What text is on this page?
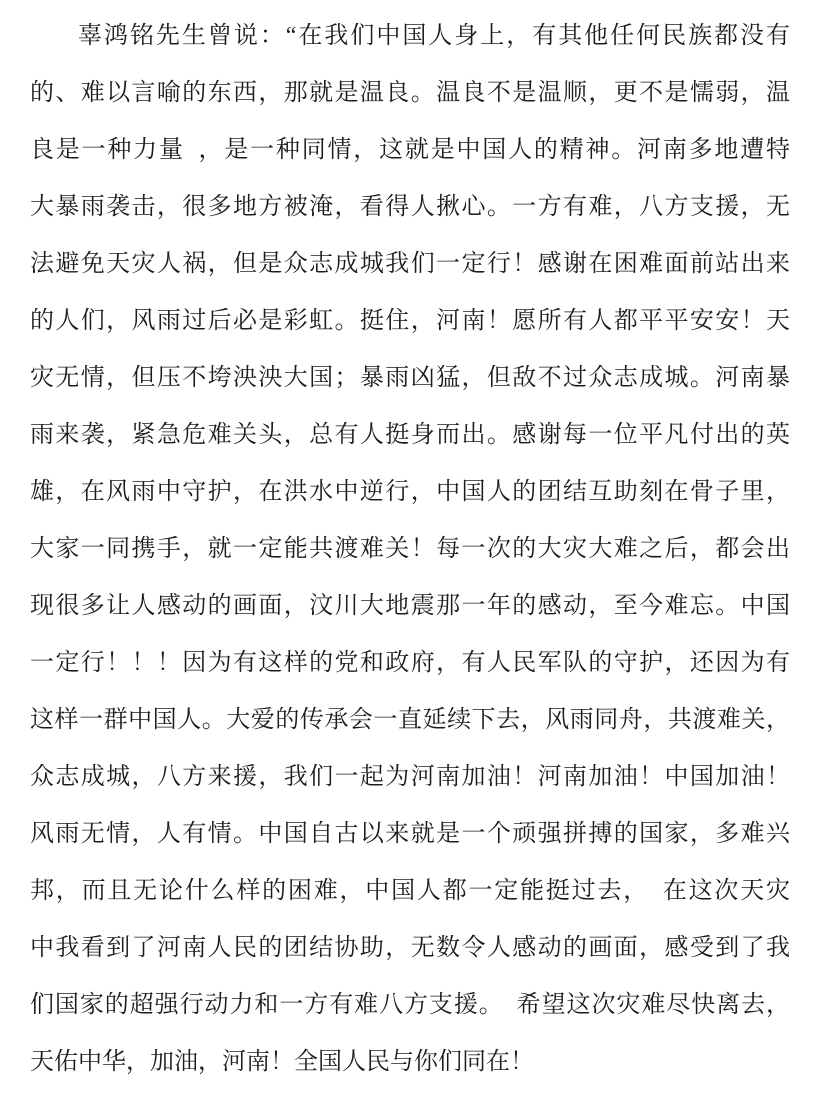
辜鸿铭先生曾说：“在我们中国人身上，有其他任何民族都没有
的、难以言喻的东西，那就是温良。温良不是温顺，更不是懦弱，温
良是一种力量 ，是一种同情，这就是中国人的精神。河南多地遭特
大暴雨袭击，很多地方被淹，看得人揪心。一方有难，八方支援，无
法避免天灾人祸，但是众志成城我们一定行！感谢在困难面前站出来
的人们，风雨过后必是彩虹。挺住，河南！愿所有人都平平安安！天
灾无情，但压不垮泱泱大国；暴雨凶猛，但敌不过众志成城。河南暴
雨来袭，紧急危难关头，总有人挺身而出。感谢每一位平凡付出的英
雄，在风雨中守护，在洪水中逆行，中国人的团结互助刻在骨子里，
大家一同携手，就一定能共渡难关！每一次的大灾大难之后，都会出
现很多让人感动的画面，汶川大地震那一年的感动，至今难忘。中国
一定行！！！因为有这样的党和政府，有人民军队的守护，还因为有
这样一群中国人。大爱的传承会一直延续下去，风雨同舟，共渡难关，
众志成城，八方来援，我们一起为河南加油！河南加油！中国加油！
风雨无情，人有情。中国自古以来就是一个顽强拼搏的国家，多难兴
邦，而且无论什么样的困难，中国人都一定能挺过去，　在这次天灾
中我看到了河南人民的团结协助，无数令人感动的画面，感受到了我
们国家的超强行动力和一方有难八方支援。　希望这次灾难尽快离去，
天佑中华，加油，河南！全国人民与你们同在！
